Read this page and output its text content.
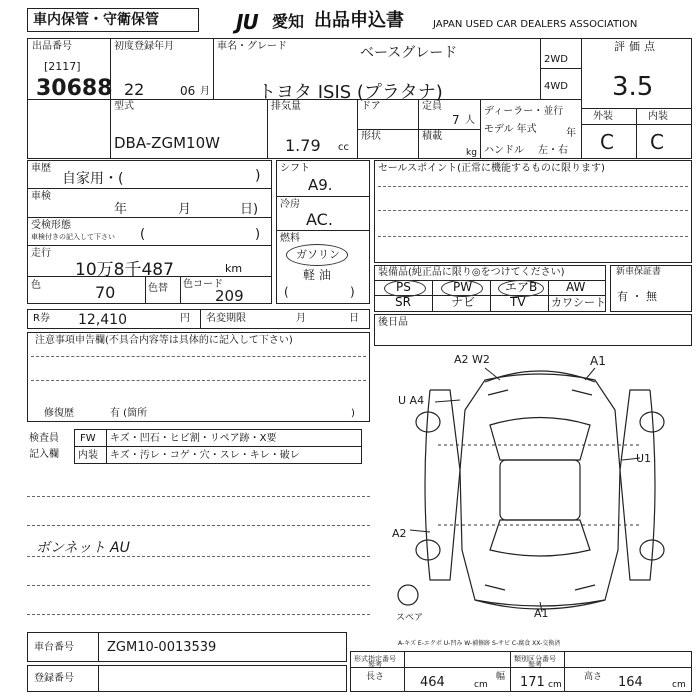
車内保管・守衛保管	JU 愛知 出品申込書	JAPAN USED CAR DEALERS ASSOCIATION
出品番号
[2117]
30688
型式
DBA-ZGM10W
初度登録年月
22	06 月
車名・グレード	ベースグレード
トヨタ ISIS (プラタナ)
2WD
4WD
評価点
3.5
外装	内装
C C
排気量
1.79 cc
ドア
形状
定員
7 人
積載
kg
ディーラー・並行
モデル 年式	年
ハンドル 左・右
車歴
自家用・(	)
車検
年	月	日)
受検形態
車検付きの記入して下さい (	)
走行
10万8千487	km
色	70	色替 色コード
209
シフト
A9.
冷房
AC.
燃料
ガソリン
軽 油
(	)
セールスポイント(正常に機能するものに限ります)
装備品(純正品に限り◎をつけてください)
PS	PW	エアB AW
SR	ナビ	TV カワシート
新車保証書
有 ・ 無
R券 12,410	円 名変期限	月	日 後日品
注意事項申告欄(不具合内容等は具体的に記入して下さい)
修復歴	有 (箇所	)
検査員
記入欄
FW キズ・凹石・ヒビ割・リペア跡・X要
内装 キズ・汚レ・コゲ・穴・スレ・キレ・破レ
ボンネット AU
A2 W2	A1
U A4
U1
A2
A1
スペア
A-キズ E-エクボ U-凹み W-補修跡 S-サビ C-腐食 XX-交換済
車台番号	ZGM10-0013539
登録番号
形式指定番号
参考
類別区分番号
参考
長さ	464	cm
幅 171 cm
高さ 164	cm
